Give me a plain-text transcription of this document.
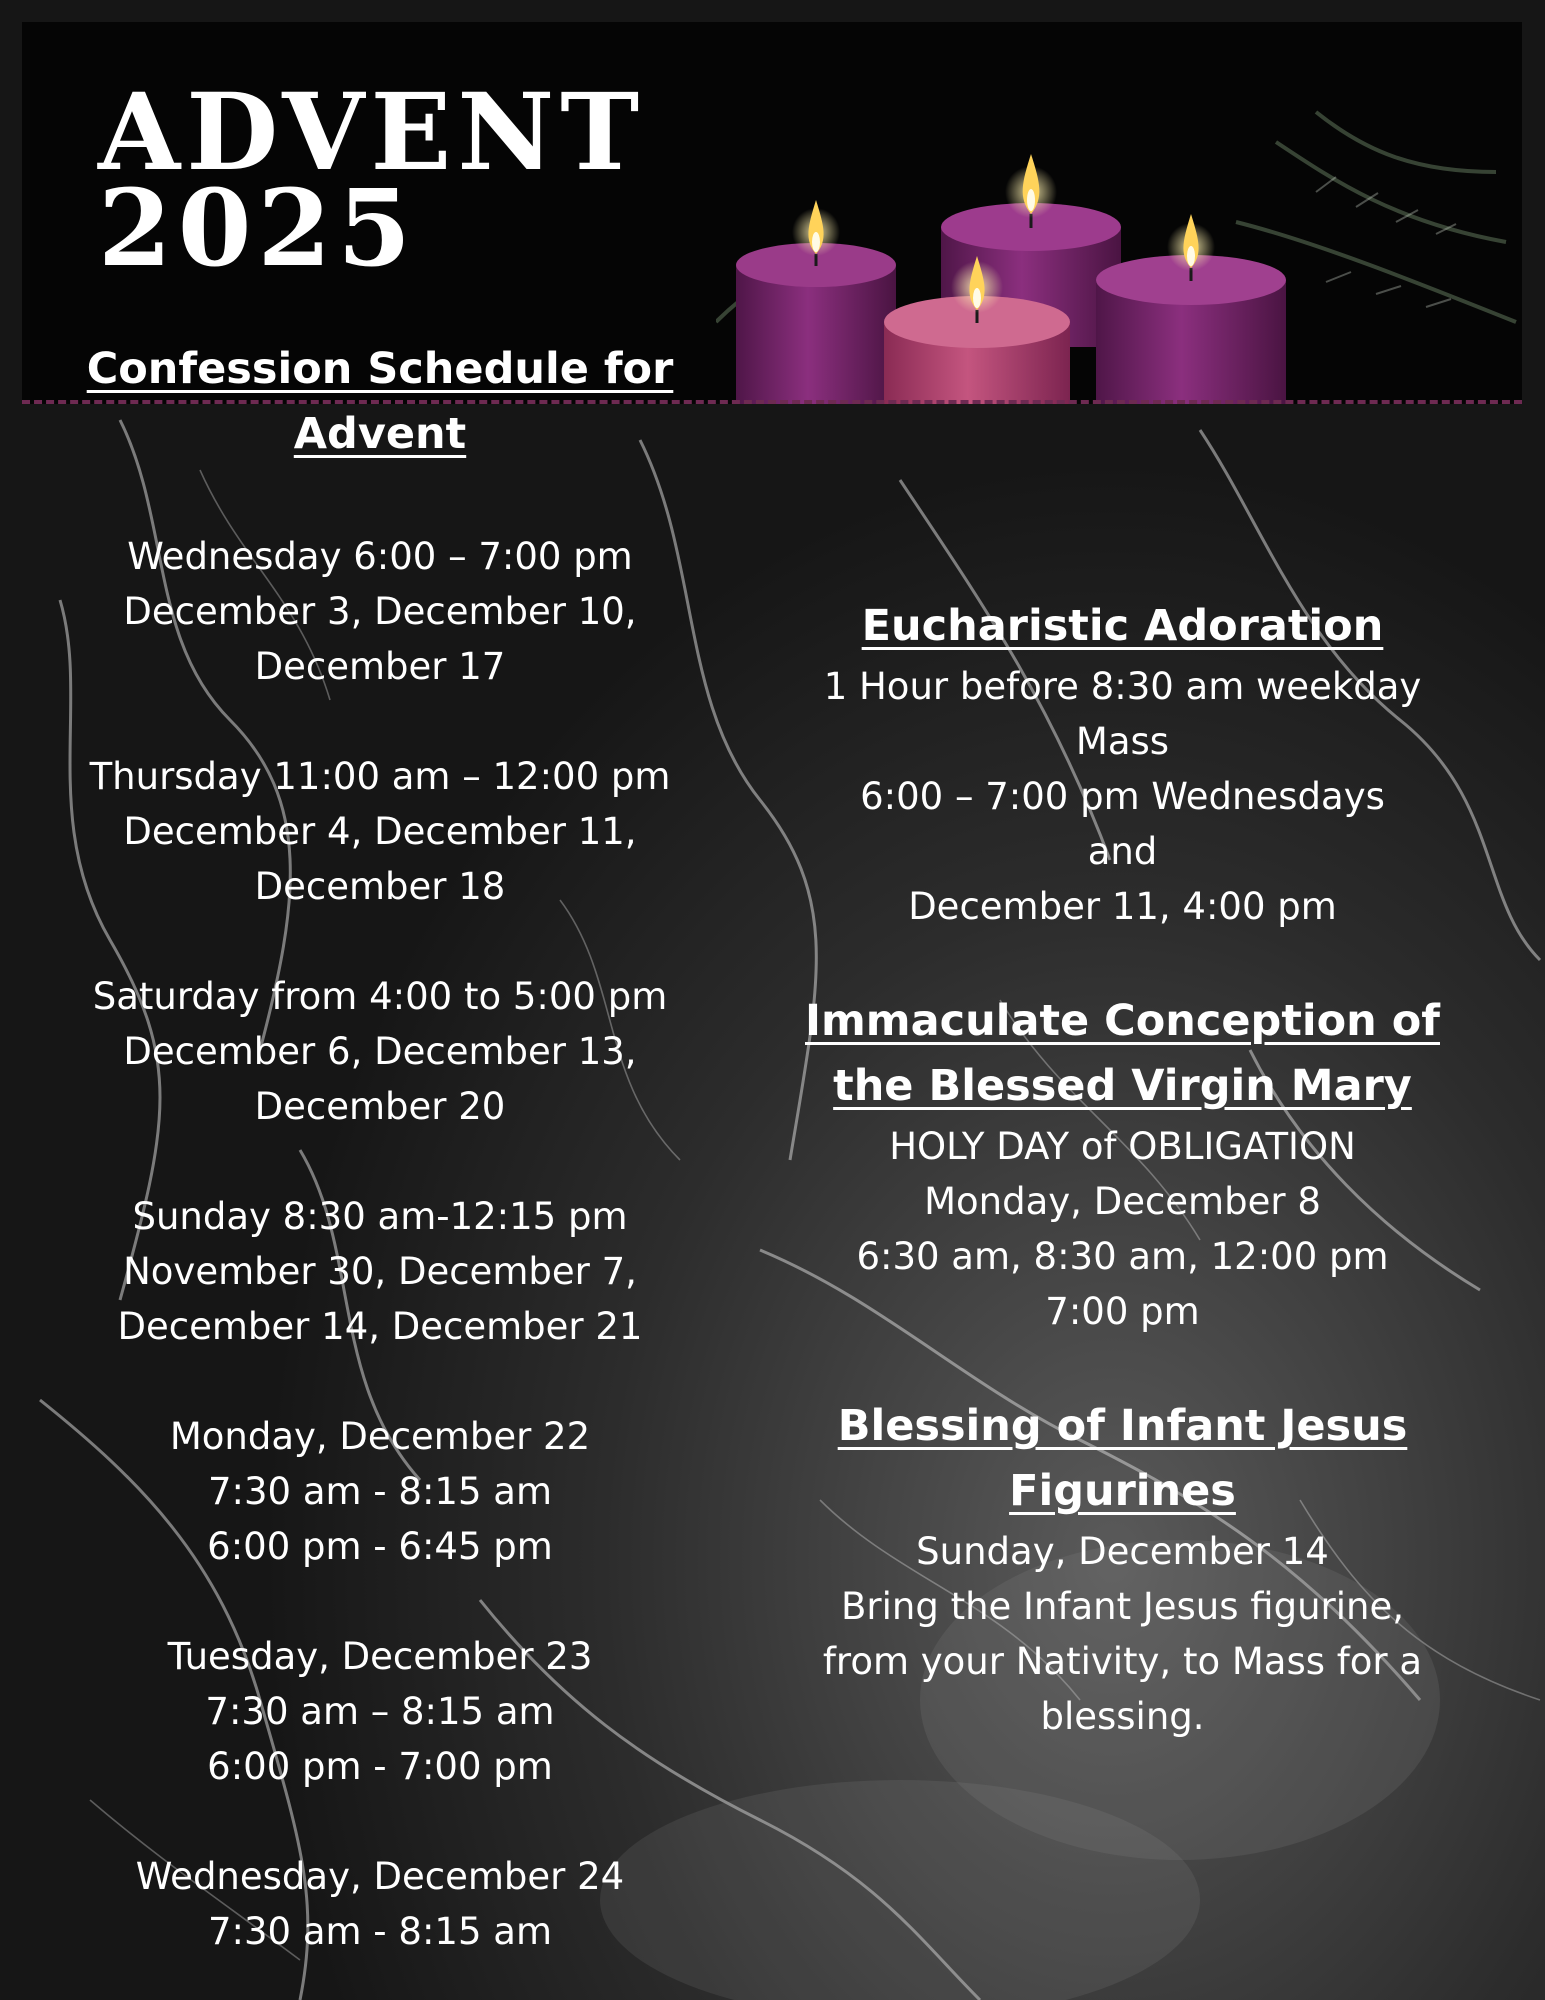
ADVENT
2025
Confession Schedule for
Advent
Wednesday 6:00 – 7:00 pm
December 3, December 10,
December 17
Thursday 11:00 am – 12:00 pm
December 4, December 11,
December 18
Saturday from 4:00 to 5:00 pm
December 6, December 13,
December 20
Sunday 8:30 am-12:15 pm
November 30, December 7,
December 14, December 21
Monday, December 22
7:30 am - 8:15 am
6:00 pm - 6:45 pm
Tuesday, December 23
7:30 am – 8:15 am
6:00 pm - 7:00 pm
Wednesday, December 24
7:30 am - 8:15 am
Eucharistic Adoration
1 Hour before 8:30 am weekday
Mass
6:00 – 7:00 pm Wednesdays
and
December 11, 4:00 pm
Immaculate Conception of
the Blessed Virgin Mary
HOLY DAY of OBLIGATION
Monday, December 8
6:30 am, 8:30 am, 12:00 pm
7:00 pm
Blessing of Infant Jesus
Figurines
Sunday, December 14
Bring the Infant Jesus figurine,
from your Nativity, to Mass for a
blessing.
